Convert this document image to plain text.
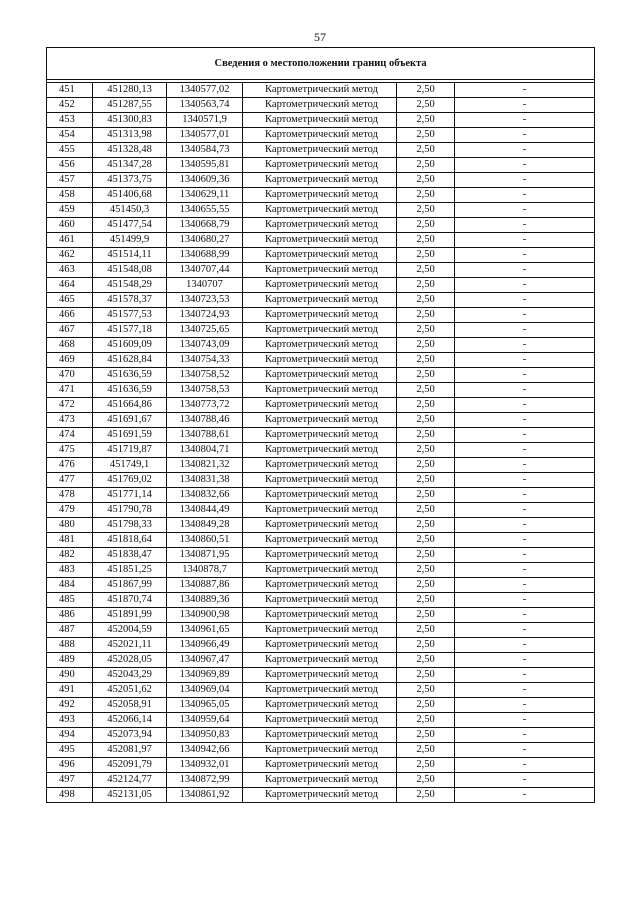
57
Сведения о местоположении границ объекта					

451	451280,13	1340577,02	Картометрический метод	2,50	-
452	451287,55	1340563,74	Картометрический метод	2,50	-
453	451300,83	1340571,9	Картометрический метод	2,50	-
454	451313,98	1340577,01	Картометрический метод	2,50	-
455	451328,48	1340584,73	Картометрический метод	2,50	-
456	451347,28	1340595,81	Картометрический метод	2,50	-
457	451373,75	1340609,36	Картометрический метод	2,50	-
458	451406,68	1340629,11	Картометрический метод	2,50	-
459	451450,3	1340655,55	Картометрический метод	2,50	-
460	451477,54	1340668,79	Картометрический метод	2,50	-
461	451499,9	1340680,27	Картометрический метод	2,50	-
462	451514,11	1340688,99	Картометрический метод	2,50	-
463	451548,08	1340707,44	Картометрический метод	2,50	-
464	451548,29	1340707	Картометрический метод	2,50	-
465	451578,37	1340723,53	Картометрический метод	2,50	-
466	451577,53	1340724,93	Картометрический метод	2,50	-
467	451577,18	1340725,65	Картометрический метод	2,50	-
468	451609,09	1340743,09	Картометрический метод	2,50	-
469	451628,84	1340754,33	Картометрический метод	2,50	-
470	451636,59	1340758,52	Картометрический метод	2,50	-
471	451636,59	1340758,53	Картометрический метод	2,50	-
472	451664,86	1340773,72	Картометрический метод	2,50	-
473	451691,67	1340788,46	Картометрический метод	2,50	-
474	451691,59	1340788,61	Картометрический метод	2,50	-
475	451719,87	1340804,71	Картометрический метод	2,50	-
476	451749,1	1340821,32	Картометрический метод	2,50	-
477	451769,02	1340831,38	Картометрический метод	2,50	-
478	451771,14	1340832,66	Картометрический метод	2,50	-
479	451790,78	1340844,49	Картометрический метод	2,50	-
480	451798,33	1340849,28	Картометрический метод	2,50	-
481	451818,64	1340860,51	Картометрический метод	2,50	-
482	451838,47	1340871,95	Картометрический метод	2,50	-
483	451851,25	1340878,7	Картометрический метод	2,50	-
484	451867,99	1340887,86	Картометрический метод	2,50	-
485	451870,74	1340889,36	Картометрический метод	2,50	-
486	451891,99	1340900,98	Картометрический метод	2,50	-
487	452004,59	1340961,65	Картометрический метод	2,50	-
488	452021,11	1340966,49	Картометрический метод	2,50	-
489	452028,05	1340967,47	Картометрический метод	2,50	-
490	452043,29	1340969,89	Картометрический метод	2,50	-
491	452051,62	1340969,04	Картометрический метод	2,50	-
492	452058,91	1340965,05	Картометрический метод	2,50	-
493	452066,14	1340959,64	Картометрический метод	2,50	-
494	452073,94	1340950,83	Картометрический метод	2,50	-
495	452081,97	1340942,66	Картометрический метод	2,50	-
496	452091,79	1340932,01	Картометрический метод	2,50	-
497	452124,77	1340872,99	Картометрический метод	2,50	-
498	452131,05	1340861,92	Картометрический метод	2,50	-
